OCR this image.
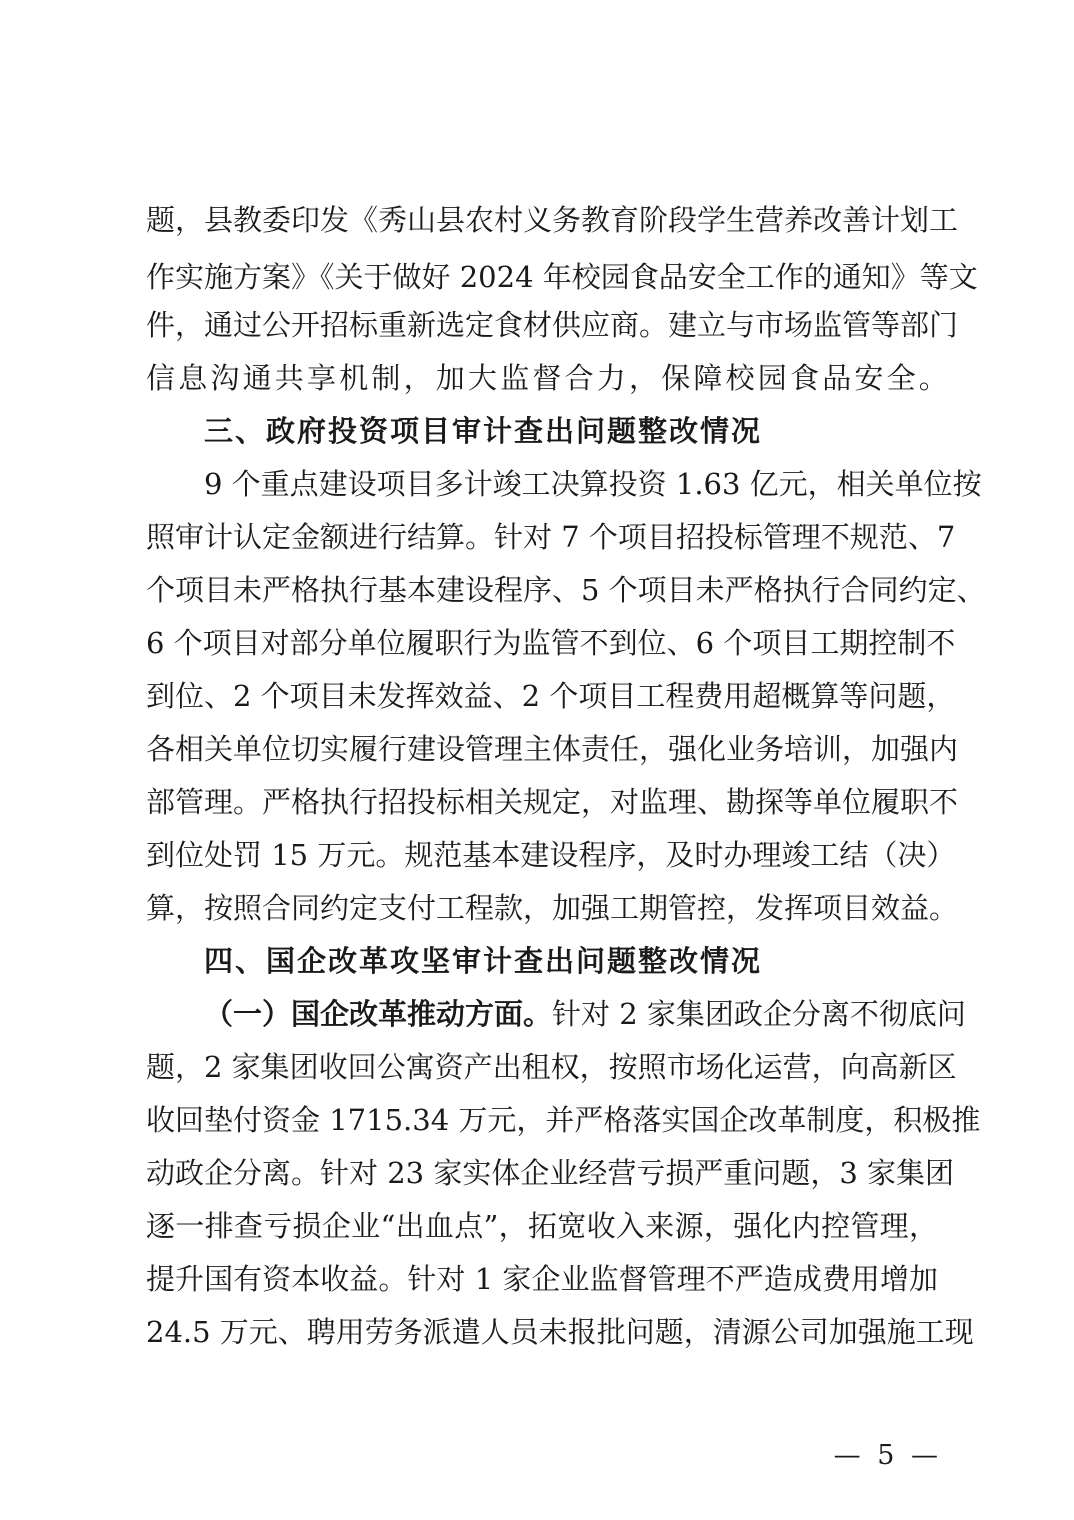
题，县教委印发《秀山县农村义务教育阶段学生营养改善计划工
作实施方案》《关于做好 2024 年校园食品安全工作的通知》等文
件，通过公开招标重新选定食材供应商。建立与市场监管等部门
信息沟通共享机制，加大监督合力，保障校园食品安全。
三、政府投资项目审计查出问题整改情况
9 个重点建设项目多计竣工决算投资 1.63 亿元，相关单位按
照审计认定金额进行结算。针对 7 个项目招投标管理不规范、7
个项目未严格执行基本建设程序、5 个项目未严格执行合同约定、
6 个项目对部分单位履职行为监管不到位、6 个项目工期控制不
到位、2 个项目未发挥效益、2 个项目工程费用超概算等问题，
各相关单位切实履行建设管理主体责任，强化业务培训，加强内
部管理。严格执行招投标相关规定，对监理、勘探等单位履职不
到位处罚 15 万元。规范基本建设程序，及时办理竣工结（决）
算，按照合同约定支付工程款，加强工期管控，发挥项目效益。
四、国企改革攻坚审计查出问题整改情况
（一）国企改革推动方面。针对 2 家集团政企分离不彻底问
题，2 家集团收回公寓资产出租权，按照市场化运营，向高新区
收回垫付资金 1715.34 万元，并严格落实国企改革制度，积极推
动政企分离。针对 23 家实体企业经营亏损严重问题，3 家集团
逐一排查亏损企业“出血点”，拓宽收入来源，强化内控管理，
提升国有资本收益。针对 1 家企业监督管理不严造成费用增加
24.5 万元、聘用劳务派遣人员未报批问题，清源公司加强施工现
— 5 —
